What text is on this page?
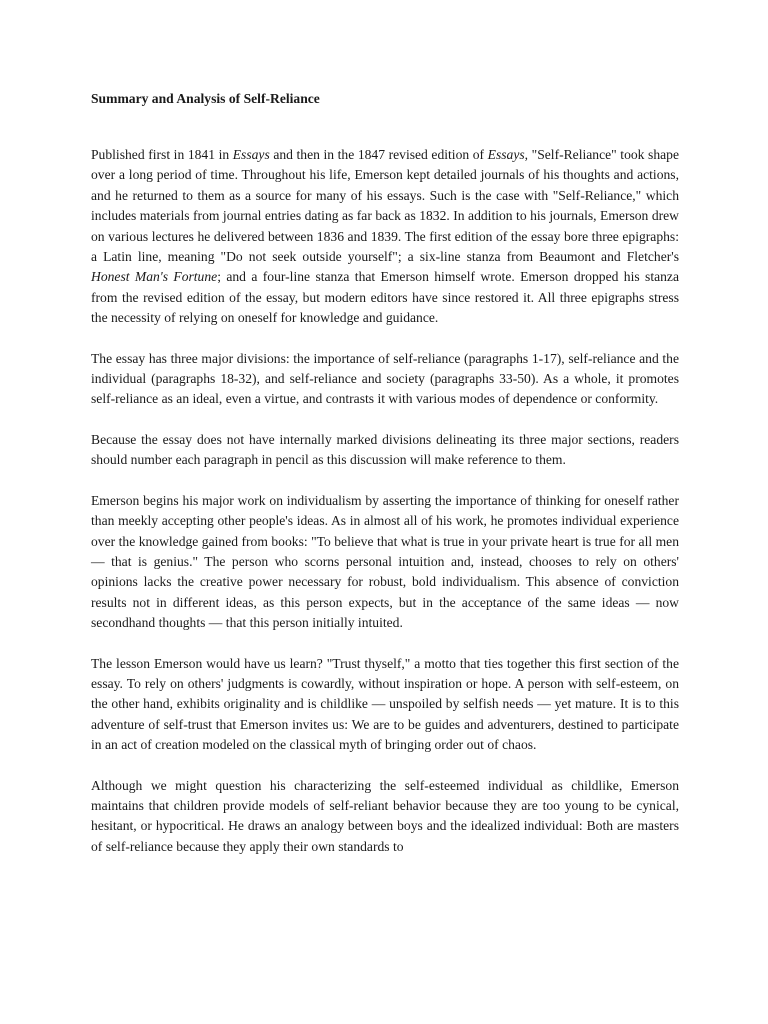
Summary and Analysis of Self-Reliance

Published first in 1841 in Essays and then in the 1847 revised edition of Essays, "Self-Reliance" took shape over a long period of time. Throughout his life, Emerson kept detailed journals of his thoughts and actions, and he returned to them as a source for many of his essays. Such is the case with "Self-Reliance," which includes materials from journal entries dating as far back as 1832. In addition to his journals, Emerson drew on various lectures he delivered between 1836 and 1839. The first edition of the essay bore three epigraphs: a Latin line, meaning "Do not seek outside yourself"; a six-line stanza from Beaumont and Fletcher's Honest Man's Fortune; and a four-line stanza that Emerson himself wrote. Emerson dropped his stanza from the revised edition of the essay, but modern editors have since restored it. All three epigraphs stress the necessity of relying on oneself for knowledge and guidance.

The essay has three major divisions: the importance of self-reliance (paragraphs 1-17), self-reliance and the individual (paragraphs 18-32), and self-reliance and society (paragraphs 33-50). As a whole, it promotes self-reliance as an ideal, even a virtue, and contrasts it with various modes of dependence or conformity.

Because the essay does not have internally marked divisions delineating its three major sections, readers should number each paragraph in pencil as this discussion will make reference to them.

Emerson begins his major work on individualism by asserting the importance of thinking for oneself rather than meekly accepting other people's ideas. As in almost all of his work, he promotes individual experience over the knowledge gained from books: "To believe that what is true in your private heart is true for all men — that is genius." The person who scorns personal intuition and, instead, chooses to rely on others' opinions lacks the creative power necessary for robust, bold individualism. This absence of conviction results not in different ideas, as this person expects, but in the acceptance of the same ideas — now secondhand thoughts — that this person initially intuited.

The lesson Emerson would have us learn? "Trust thyself," a motto that ties together this first section of the essay. To rely on others' judgments is cowardly, without inspiration or hope. A person with self-esteem, on the other hand, exhibits originality and is childlike — unspoiled by selfish needs — yet mature. It is to this adventure of self-trust that Emerson invites us: We are to be guides and adventurers, destined to participate in an act of creation modeled on the classical myth of bringing order out of chaos.

Although we might question his characterizing the self-esteemed individual as childlike, Emerson maintains that children provide models of self-reliant behavior because they are too young to be cynical, hesitant, or hypocritical. He draws an analogy between boys and the idealized individual: Both are masters of self-reliance because they apply their own standards to
